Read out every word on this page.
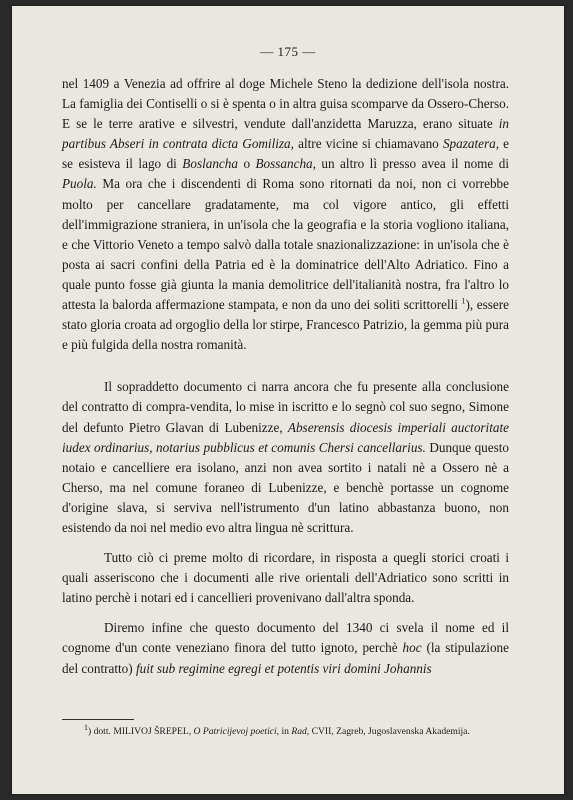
— 175 —

nel 1409 a Venezia ad offrire al doge Michele Steno la dedizione dell'isola nostra. La famiglia dei Contiselli o si è spenta o in altra guisa scomparve da Ossero-Cherso. E se le terre arative e silvestri, vendute dall'anzidetta Maruzza, erano situate in partibus Abseri in contrata dicta Gomiliza, altre vicine si chiamavano Spazatera, e se esisteva il lago di Boslancha o Bossancha, un altro lì presso avea il nome di Puola. Ma ora che i discendenti di Roma sono ritornati da noi, non ci vorrebbe molto per cancellare gradatamente, ma col vigore antico, gli effetti dell'immigrazione straniera, in un'isola che la geografia e la storia vogliono italiana, e che Vittorio Veneto a tempo salvò dalla totale snazionalizzazione: in un'isola che è posta ai sacri confini della Patria ed è la dominatrice dell'Alto Adriatico. Fino a quale punto fosse già giunta la mania demolitrice dell'italianità nostra, fra l'altro lo attesta la balorda affermazione stampata, e non da uno dei soliti scrittorelli $^1$), essere stato gloria croata ad orgoglio della lor stirpe, Francesco Patrizio, la gemma più pura e più fulgida della nostra romanità.

Il sopraddetto documento ci narra ancora che fu presente alla conclusione del contratto di compra-vendita, lo mise in iscritto e lo segnò col suo segno, Simone del defunto Pietro Glavan di Lubenizze, Abserensis diocesis imperiali auctoritate iudex ordinarius, notarius pubblicus et comunis Chersi cancellarius. Dunque questo notaio e cancelliere era isolano, anzi non avea sortito i natali nè a Ossero nè a Cherso, ma nel comune foraneo di Lubenizze, e benchè portasse un cognome d'origine slava, si serviva nell'istrumento d'un latino abbastanza buono, non esistendo da noi nel medio evo altra lingua nè scrittura.

Tutto ciò ci preme molto di ricordare, in risposta a quegli storici croati i quali asseriscono che i documenti alle rive orientali dell'Adriatico sono scritti in latino perchè i notari ed i cancellieri provenivano dall'altra sponda.

Diremo infine che questo documento del 1340 ci svela il nome ed il cognome d'un conte veneziano finora del tutto ignoto, perchè hoc (la stipulazione del contratto) fuit sub regimine egregi et potentis viri domini Johannis

$^1$) dott. MILIVOJ ŠREPEL, O Patricijevoj poetici, in Rad, CVII, Zagreb, Jugoslavenska Akademija.
